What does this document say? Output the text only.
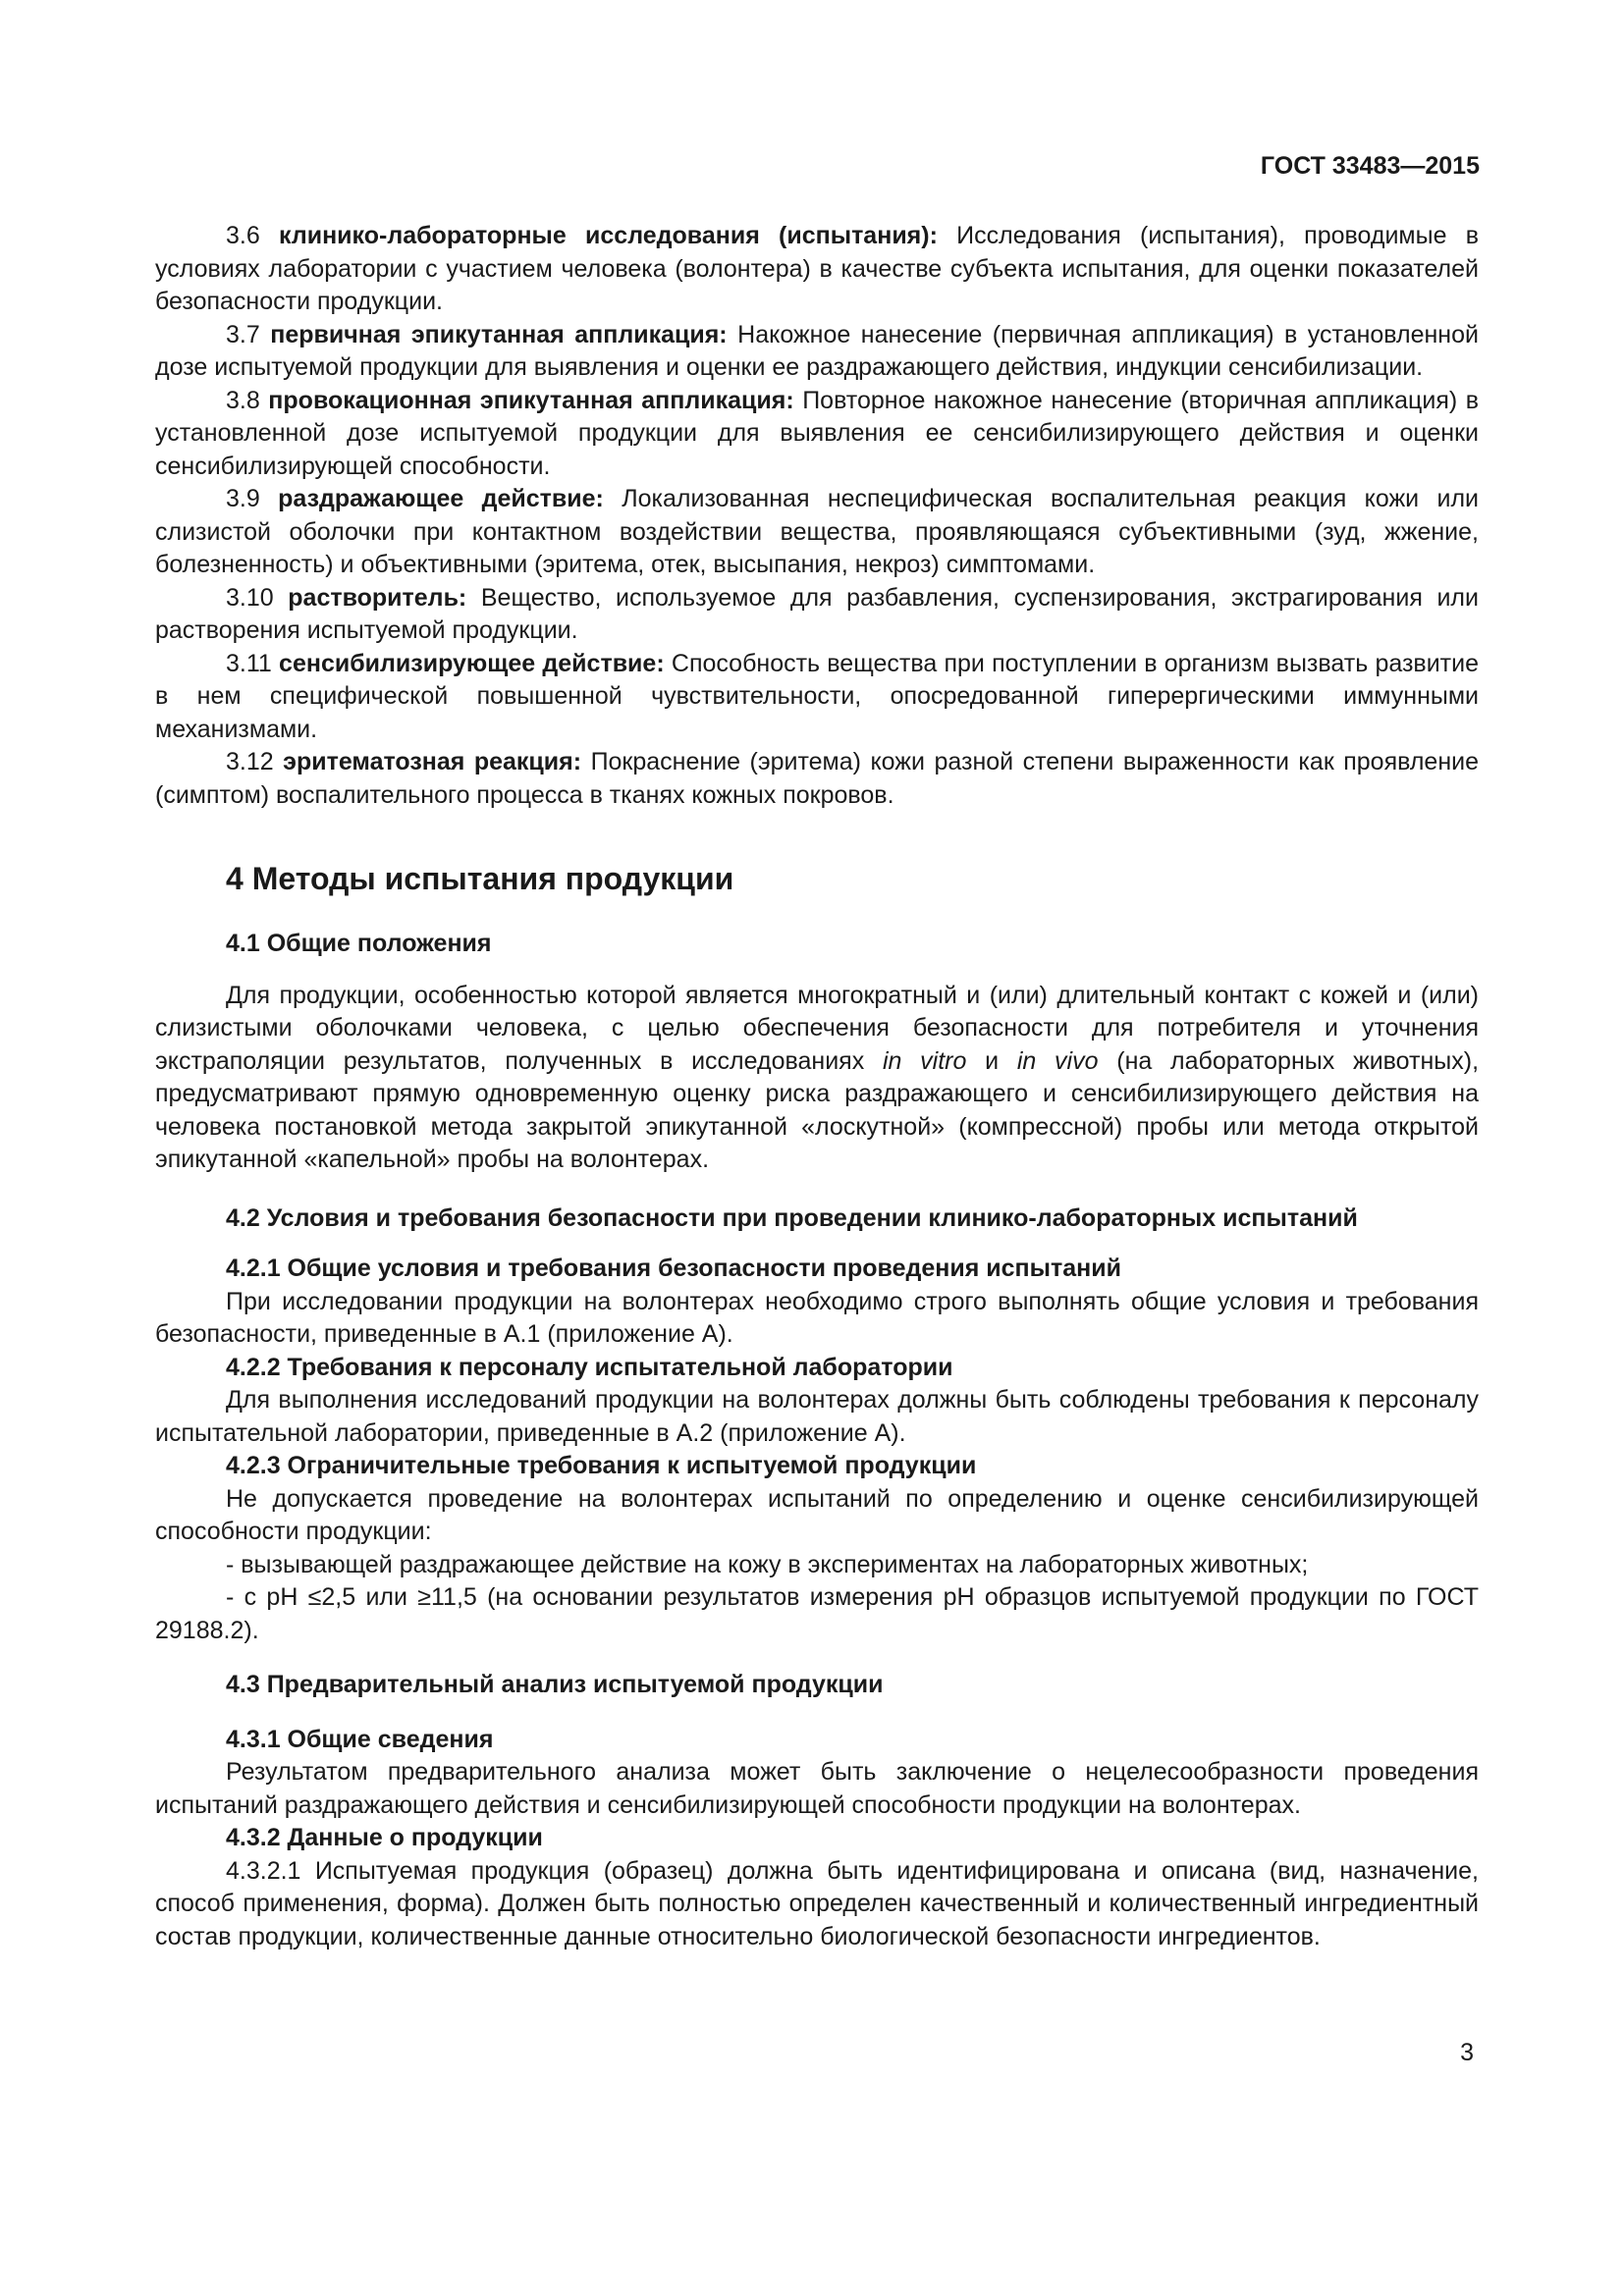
ГОСТ 33483—2015

3.6 клинико-лабораторные исследования (испытания): Исследования (испытания), проводимые в условиях лаборатории с участием человека (волонтера) в качестве субъекта испытания, для оценки показателей безопасности продукции.

3.7 первичная эпикутанная аппликация: Накожное нанесение (первичная аппликация) в установленной дозе испытуемой продукции для выявления и оценки ее раздражающего действия, индукции сенсибилизации.

3.8 провокационная эпикутанная аппликация: Повторное накожное нанесение (вторичная аппликация) в установленной дозе испытуемой продукции для выявления ее сенсибилизирующего действия и оценки сенсибилизирующей способности.

3.9 раздражающее действие: Локализованная неспецифическая воспалительная реакция кожи или слизистой оболочки при контактном воздействии вещества, проявляющаяся субъективными (зуд, жжение, болезненность) и объективными (эритема, отек, высыпания, некроз) симптомами.

3.10 растворитель: Вещество, используемое для разбавления, суспензирования, экстрагирования или растворения испытуемой продукции.

3.11 сенсибилизирующее действие: Способность вещества при поступлении в организм вызвать развитие в нем специфической повышенной чувствительности, опосредованной гиперергическими иммунными механизмами.

3.12 эритематозная реакция: Покраснение (эритема) кожи разной степени выраженности как проявление (симптом) воспалительного процесса в тканях кожных покровов.

4 Методы испытания продукции
4.1 Общие положения

Для продукции, особенностью которой является многократный и (или) длительный контакт с кожей и (или) слизистыми оболочками человека, с целью обеспечения безопасности для потребителя и уточнения экстраполяции результатов, полученных в исследованиях in vitro и in vivo (на лабораторных животных), предусматривают прямую одновременную оценку риска раздражающего и сенсибилизирующего действия на человека постановкой метода закрытой эпикутанной «лоскутной» (компрессной) пробы или метода открытой эпикутанной «капельной» пробы на волонтерах.

4.2 Условия и требования безопасности при проведении клинико-лабораторных испытаний
4.2.1 Общие условия и требования безопасности проведения испытаний

При исследовании продукции на волонтерах необходимо строго выполнять общие условия и требования безопасности, приведенные в А.1 (приложение А).

4.2.2 Требования к персоналу испытательной лаборатории

Для выполнения исследований продукции на волонтерах должны быть соблюдены требования к персоналу испытательной лаборатории, приведенные в А.2 (приложение А).

4.2.3 Ограничительные требования к испытуемой продукции

Не допускается проведение на волонтерах испытаний по определению и оценке сенсибилизирующей способности продукции:

- вызывающей раздражающее действие на кожу в экспериментах на лабораторных животных;

- с pH ≤2,5 или ≥11,5 (на основании результатов измерения pH образцов испытуемой продукции по ГОСТ 29188.2).

4.3 Предварительный анализ испытуемой продукции
4.3.1 Общие сведения

Результатом предварительного анализа может быть заключение о нецелесообразности проведения испытаний раздражающего действия и сенсибилизирующей способности продукции на волонтерах.

4.3.2 Данные о продукции

4.3.2.1 Испытуемая продукция (образец) должна быть идентифицирована и описана (вид, назначение, способ применения, форма). Должен быть полностью определен качественный и количественный ингредиентный состав продукции, количественные данные относительно биологической безопасности ингредиентов.

3
